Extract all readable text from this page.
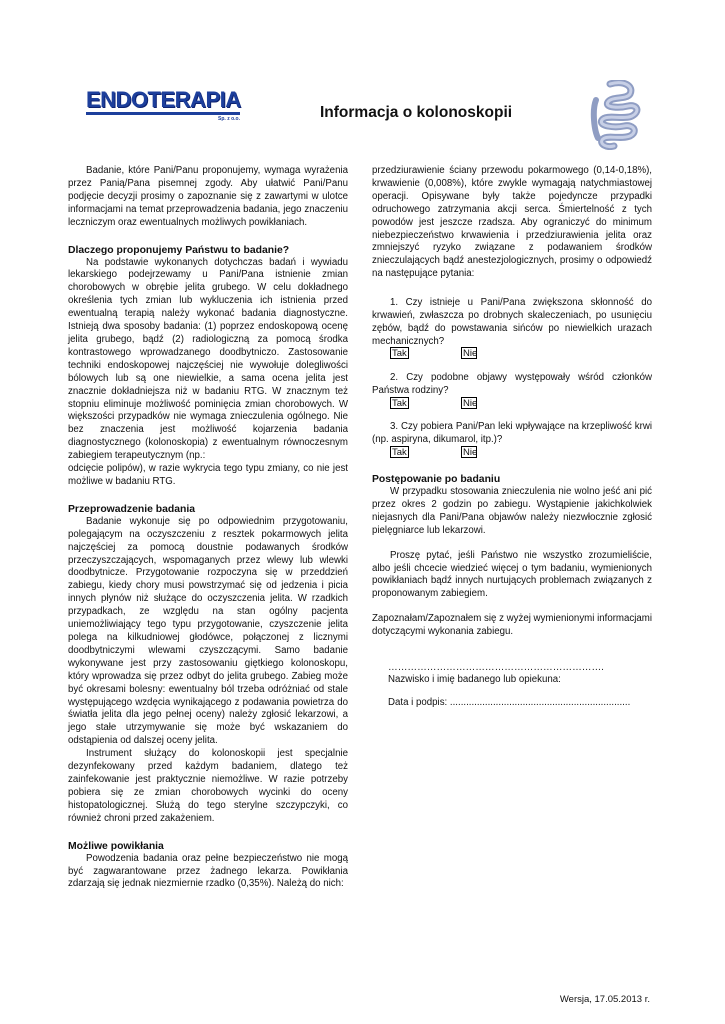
ENDOTERAPIA
Sp. z o.o.	Informacja o kolonoskopii

Badanie, które Pani/Panu proponujemy, wymaga wyrażenia przez Panią/Pana pisemnej zgody. Aby ułatwić Pani/Panu podjęcie decyzji prosimy o zapoznanie się z zawartymi w ulotce informacjami na temat przeprowadzenia badania, jego znaczeniu leczniczym oraz ewentualnych możliwych powikłaniach.

Dlaczego proponujemy Państwu to badanie?

Na podstawie wykonanych dotychczas badań i wywiadu lekarskiego podejrzewamy u Pani/Pana istnienie zmian chorobowych w obrębie jelita grubego. W celu dokładnego określenia tych zmian lub wykluczenia ich istnienia przed ewentualną terapią należy wykonać badania diagnostyczne. Istnieją dwa sposoby badania: (1) poprzez endoskopową ocenę jelita grubego, bądź (2) radiologiczną za pomocą środka kontrastowego wprowadzanego doodbytniczo. Zastosowanie techniki endoskopowej najczęściej nie wywołuje dolegliwości bólowych lub są one niewielkie, a sama ocena jelita jest znacznie dokładniejsza niż w badaniu RTG. W znacznym też stopniu eliminuje możliwość pominięcia zmian chorobowych. W większości przypadków nie wymaga znieczulenia ogólnego. Nie bez znaczenia jest możliwość kojarzenia badania diagnostycznego (kolonoskopia) z ewentualnym równoczesnym zabiegiem terapeutycznym (np.:

odcięcie polipów), w razie wykrycia tego typu zmiany, co nie jest możliwe w badaniu RTG.

Przeprowadzenie badania

Badanie wykonuje się po odpowiednim przygotowaniu, polegającym na oczyszczeniu z resztek pokarmowych jelita najczęściej za pomocą doustnie podawanych środków przeczyszczających, wspomaganych przez wlewy lub wlewki doodbytnicze. Przygotowanie rozpoczyna się w przeddzień zabiegu, kiedy chory musi powstrzymać się od jedzenia i picia innych płynów niż służące do oczyszczenia jelita. W rzadkich przypadkach, ze względu na stan ogólny pacjenta uniemożliwiający tego typu przygotowanie, czyszczenie jelita polega na kilkudniowej głodówce, połączonej z licznymi doodbytniczymi wlewami czyszczącymi. Samo badanie wykonywane jest przy zastosowaniu giętkiego kolonoskopu, który wprowadza się przez odbyt do jelita grubego. Zabieg może być okresami bolesny: ewentualny ból trzeba odróżniać od stale występującego wzdęcia wynikającego z podawania powietrza do światła jelita dla jego pełnej oceny) należy zgłosić lekarzowi, a jego stałe utrzymywanie się może być wskazaniem do odstąpienia od dalszej oceny jelita.

Instrument służący do kolonoskopii jest specjalnie dezynfekowany przed każdym badaniem, dlatego też zainfekowanie jest praktycznie niemożliwe. W razie potrzeby pobiera się ze zmian chorobowych wycinki do oceny histopatologicznej. Służą do tego sterylne szczypczyki, co również chroni przed zakażeniem.

Możliwe powikłania

Powodzenia badania oraz pełne bezpieczeństwo nie mogą być zagwarantowane przez żadnego lekarza. Powikłania zdarzają się jednak niezmiernie rzadko (0,35%). Należą do nich:

przedziurawienie ściany przewodu pokarmowego (0,14-0,18%), krwawienie (0,008%), które zwykle wymagają natychmiastowej operacji. Opisywane były także pojedyncze przypadki odruchowego zatrzymania akcji serca. Śmiertelność z tych powodów jest jeszcze rzadsza. Aby ograniczyć do minimum niebezpieczeństwo krwawienia i przedziurawienia jelita oraz zmniejszyć ryzyko związane z podawaniem środków znieczulających bądź anestezjologicznych, prosimy o odpowiedź na następujące pytania:

1. Czy istnieje u Pani/Pana zwiększona skłonność do krwawień, zwłaszcza po drobnych skaleczeniach, po usunięciu zębów, bądź do powstawania sińców po niewielkich urazach mechanicznych?

Tak	Nie

2. Czy podobne objawy występowały wśród członków Państwa rodziny?

Tak	Nie

3. Czy pobiera Pani/Pan leki wpływające na krzepliwość krwi (np. aspiryna, dikumarol, itp.)?

Tak	Nie
Postępowanie po badaniu

W przypadku stosowania znieczulenia nie wolno jeść ani pić przez okres 2 godzin po zabiegu. Wystąpienie jakichkolwiek niejasnych dla Pani/Pana objawów należy niezwłocznie zgłosić pielęgniarce lub lekarzowi.

Proszę pytać, jeśli Państwo nie wszystko zrozumieliście, albo jeśli chcecie wiedzieć więcej o tym badaniu, wymienionych powikłaniach bądź innych nurtujących problemach związanych z proponowanym zabiegiem.

Zapoznałam/Zapoznałem się z wyżej wymienionymi informacjami dotyczącymi wykonania zabiegu.

………………………………………………………….
Nazwisko i imię badanego lub opiekuna:
Data i podpis: ...................................................................
Wersja, 17.05.2013 r.
